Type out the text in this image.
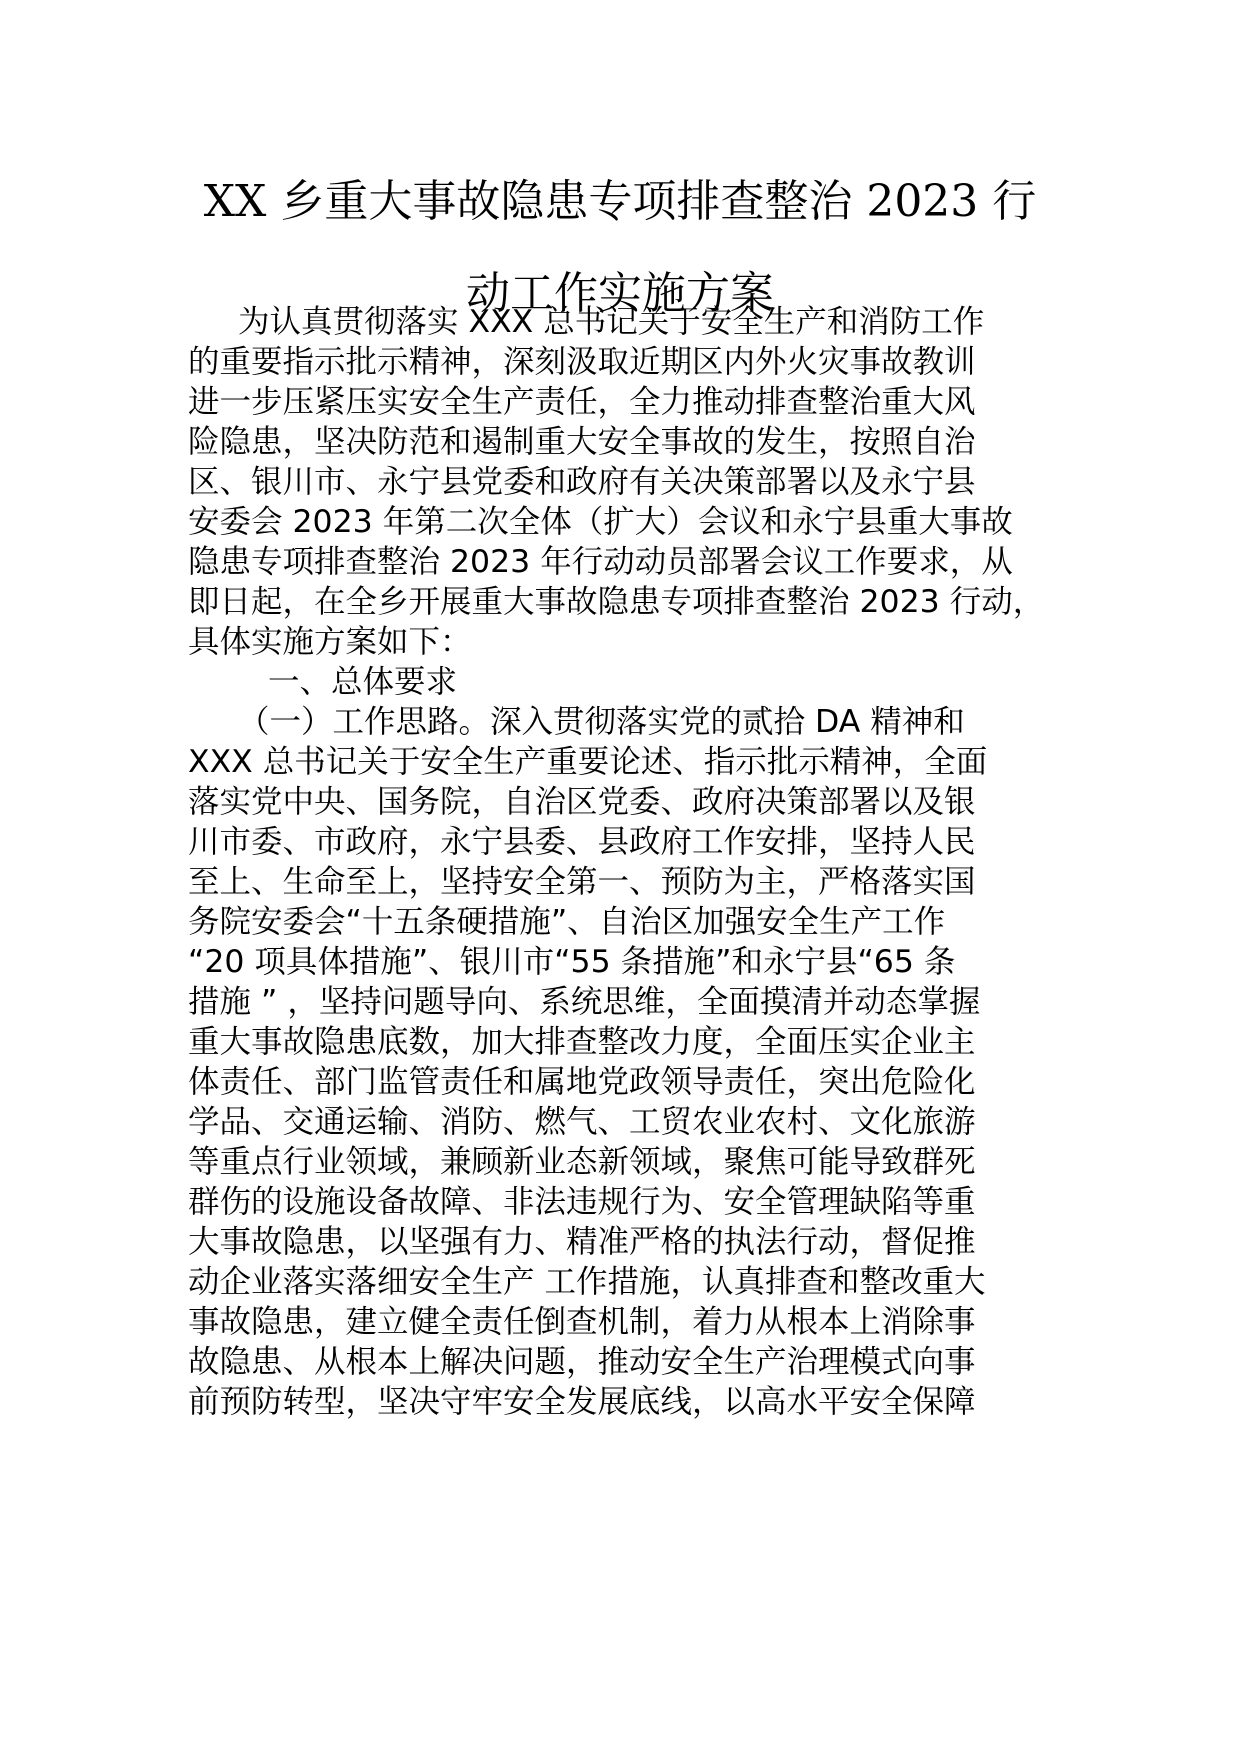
XX 乡重大事故隐患专项排查整治 2023 行
动工作实施方案
为认真贯彻落实 XXX 总书记关于安全生产和消防工作
的重要指示批示精神，深刻汲取近期区内外火灾事故教训
进一步压紧压实安全生产责任，全力推动排查整治重大风
险隐患，坚决防范和遏制重大安全事故的发生，按照自治
区、银川市、永宁县党委和政府有关决策部署以及永宁县
安委会 2023 年第二次全体（扩大）会议和永宁县重大事故
隐患专项排查整治 2023 年行动动员部署会议工作要求，从
即日起，在全乡开展重大事故隐患专项排查整治 2023 行动，
具体实施方案如下：
一、总体要求
（一）工作思路。深入贯彻落实党的贰拾 DA 精神和
XXX 总书记关于安全生产重要论述、指示批示精神，全面
落实党中央、国务院，自治区党委、政府决策部署以及银
川市委、市政府，永宁县委、县政府工作安排，坚持人民
至上、生命至上，坚持安全第一、预防为主，严格落实国
务院安委会“十五条硬措施”、自治区加强安全生产工作
“20 项具体措施”、银川市“55 条措施”和永宁县“65 条
措施 ” ，坚持问题导向、系统思维，全面摸清并动态掌握
重大事故隐患底数，加大排查整改力度，全面压实企业主
体责任、部门监管责任和属地党政领导责任，突出危险化
学品、交通运输、消防、燃气、工贸农业农村、文化旅游
等重点行业领域，兼顾新业态新领域，聚焦可能导致群死
群伤的设施设备故障、非法违规行为、安全管理缺陷等重
大事故隐患，以坚强有力、精准严格的执法行动，督促推
动企业落实落细安全生产 工作措施，认真排查和整改重大
事故隐患，建立健全责任倒查机制，着力从根本上消除事
故隐患、从根本上解决问题，推动安全生产治理模式向事
前预防转型，坚决守牢安全发展底线，以高水平安全保障
